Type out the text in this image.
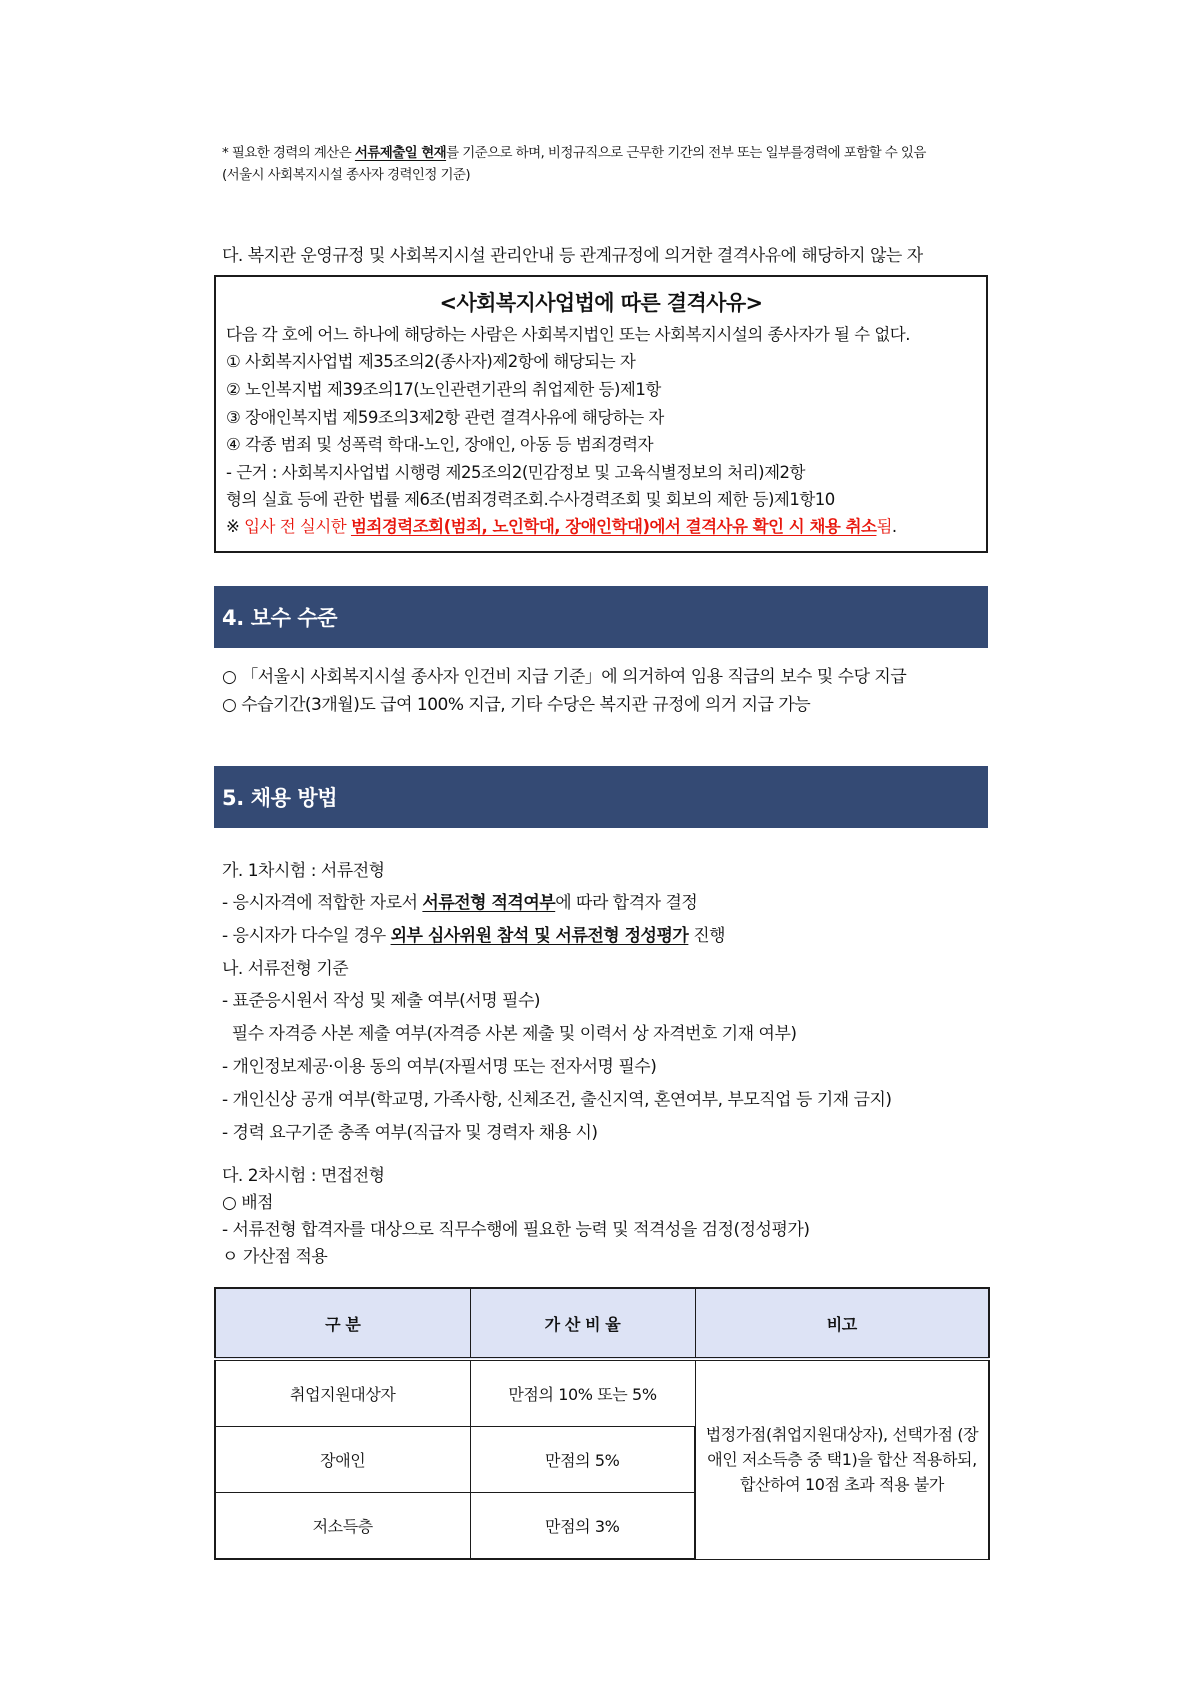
* 필요한 경력의 계산은 서류제출일 현재를 기준으로 하며, 비정규직으로 근무한 기간의 전부 또는 일부를경력에 포함할 수 있음
(서울시 사회복지시설 종사자 경력인정 기준)
다. 복지관 운영규정 및 사회복지시설 관리안내 등 관계규정에 의거한 결격사유에 해당하지 않는 자
<사회복지사업법에 따른 결격사유>
다음 각 호에 어느 하나에 해당하는 사람은 사회복지법인 또는 사회복지시설의 종사자가 될 수 없다.
① 사회복지사업법 제35조의2(종사자)제2항에 해당되는 자
② 노인복지법 제39조의17(노인관련기관의 취업제한 등)제1항
③ 장애인복지법 제59조의3제2항 관련 결격사유에 해당하는 자
④ 각종 범죄 및 성폭력 학대-노인, 장애인, 아동 등 범죄경력자
- 근거 : 사회복지사업법 시행령 제25조의2(민감정보 및 고육식별정보의 처리)제2항
형의 실효 등에 관한 법률 제6조(범죄경력조회.수사경력조회 및 회보의 제한 등)제1항10
※ 입사 전 실시한 범죄경력조회(범죄, 노인학대, 장애인학대)에서 결격사유 확인 시 채용 취소됨.
4. 보수 수준
○ 「서울시 사회복지시설 종사자 인건비 지급 기준」에 의거하여 임용 직급의 보수 및 수당 지급
○ 수습기간(3개월)도 급여 100% 지급, 기타 수당은 복지관 규정에 의거 지급 가능
5. 채용 방법
가. 1차시험 : 서류전형
- 응시자격에 적합한 자로서 서류전형 적격여부에 따라 합격자 결정
- 응시자가 다수일 경우 외부 심사위원 참석 및 서류전형 정성평가 진행
나. 서류전형 기준
- 표준응시원서 작성 및 제출 여부(서명 필수)
필수 자격증 사본 제출 여부(자격증 사본 제출 및 이력서 상 자격번호 기재 여부)
- 개인정보제공·이용 동의 여부(자필서명 또는 전자서명 필수)
- 개인신상 공개 여부(학교명, 가족사항, 신체조건, 출신지역, 혼연여부, 부모직업 등 기재 금지)
- 경력 요구기준 충족 여부(직급자 및 경력자 채용 시)
다. 2차시험 : 면접전형
○ 배점
- 서류전형 합격자를 대상으로 직무수행에 필요한 능력 및 적격성을 검정(정성평가)
ㅇ 가산점 적용
구 분	가 산 비 율	비고
취업지원대상자	만점의 10% 또는 5%	법정가점(취업지원대상자), 선택가점 (장애인 저소득층 중 택1)을 합산 적용하되, 합산하여 10점 초과 적용 불가
장애인	만점의 5%	
저소득층	만점의 3%	
